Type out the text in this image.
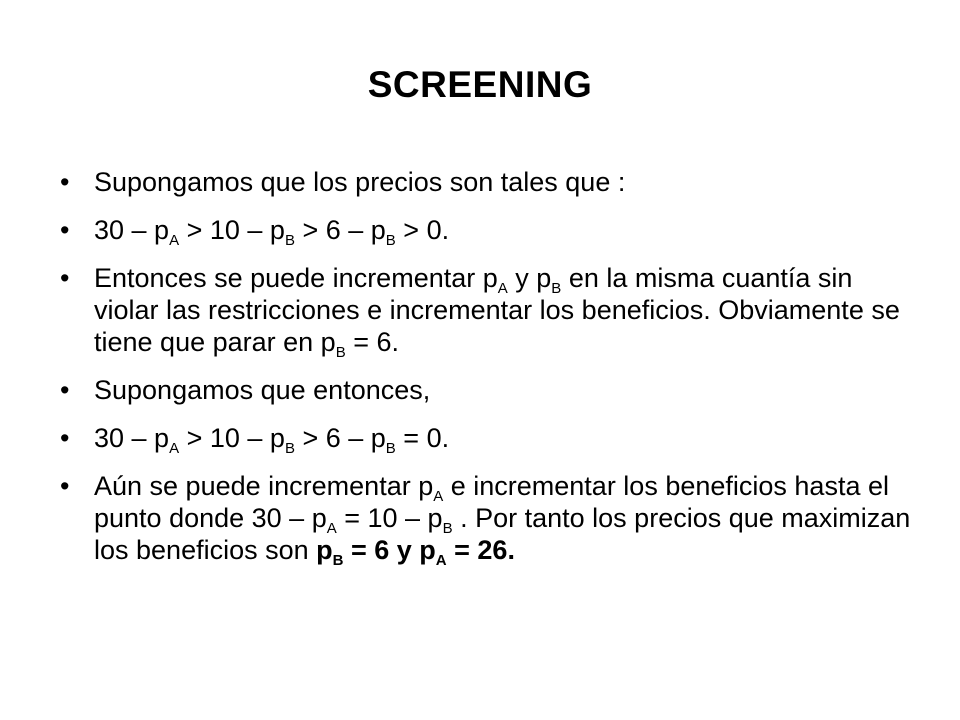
SCREENING
• Supongamos que los precios son tales que :
• $30 - p_A > 10 - p_B > 6 - p_B > 0$.
• Entonces se puede incrementar $p_A$ y $p_B$ en la misma cuantía sin violar las restricciones e incrementar los beneficios. Obviamente se tiene que parar en $p_B = 6$.
• Supongamos que entonces,
• $30 - p_A > 10 - p_B > 6 - p_B = 0$.
• Aún se puede incrementar $p_A$ e incrementar los beneficios hasta el punto donde $30 - p_A = 10 - p_B$ . Por tanto los precios que maximizan los beneficios son $p_B = 6$ y $p_A = 26$.
